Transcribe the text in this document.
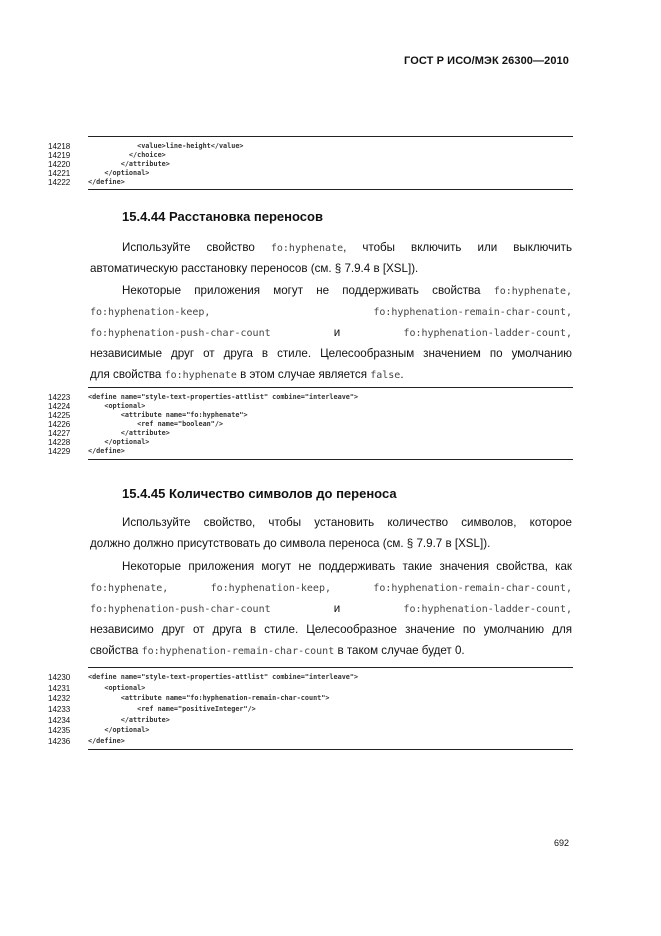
ГОСТ Р ИСО/МЭК 26300—2010
14218	<value>line-height</value>
14219	</choice>
14220	</attribute>
14221	</optional>
14222	</define>
15.4.44 Расстановка переносов
Используйте свойство fo:hyphenate, чтобы включить или выключить
автоматическую расстановку переносов (см. § 7.9.4 в [XSL]).
Некоторые приложения могут не поддерживать свойства fo:hyphenate,
fo:hyphenation-keep,	fo:hyphenation-remain-char-count,
fo:hyphenation-push-char-count	и	fo:hyphenation-ladder-count,
независимые друг от друга в стиле. Целесообразным значением по умолчанию
для свойства fo:hyphenate в этом случае является false.
14223	<define name="style-text-properties-attlist" combine="interleave">
14224	<optional>
14225	<attribute name="fo:hyphenate">
14226	<ref name="boolean"/>
14227	</attribute>
14228	</optional>
14229	</define>
15.4.45 Количество символов до переноса
Используйте свойство, чтобы установить количество символов, которое
должно должно присутствовать до символа переноса (см. § 7.9.7 в [XSL]).
Некоторые приложения могут не поддерживать такие значения свойства, как
fo:hyphenate,	fo:hyphenation-keep,	fo:hyphenation-remain-char-count,
fo:hyphenation-push-char-count	и	fo:hyphenation-ladder-count,
независимо друг от друга в стиле. Целесообразное значение по умолчанию для
свойства fo:hyphenation-remain-char-count в таком случае будет 0.
14230	<define name="style-text-properties-attlist" combine="interleave">
14231	<optional>
14232	<attribute name="fo:hyphenation-remain-char-count">
14233	<ref name="positiveInteger"/>
14234	</attribute>
14235	</optional>
14236	</define>
692
